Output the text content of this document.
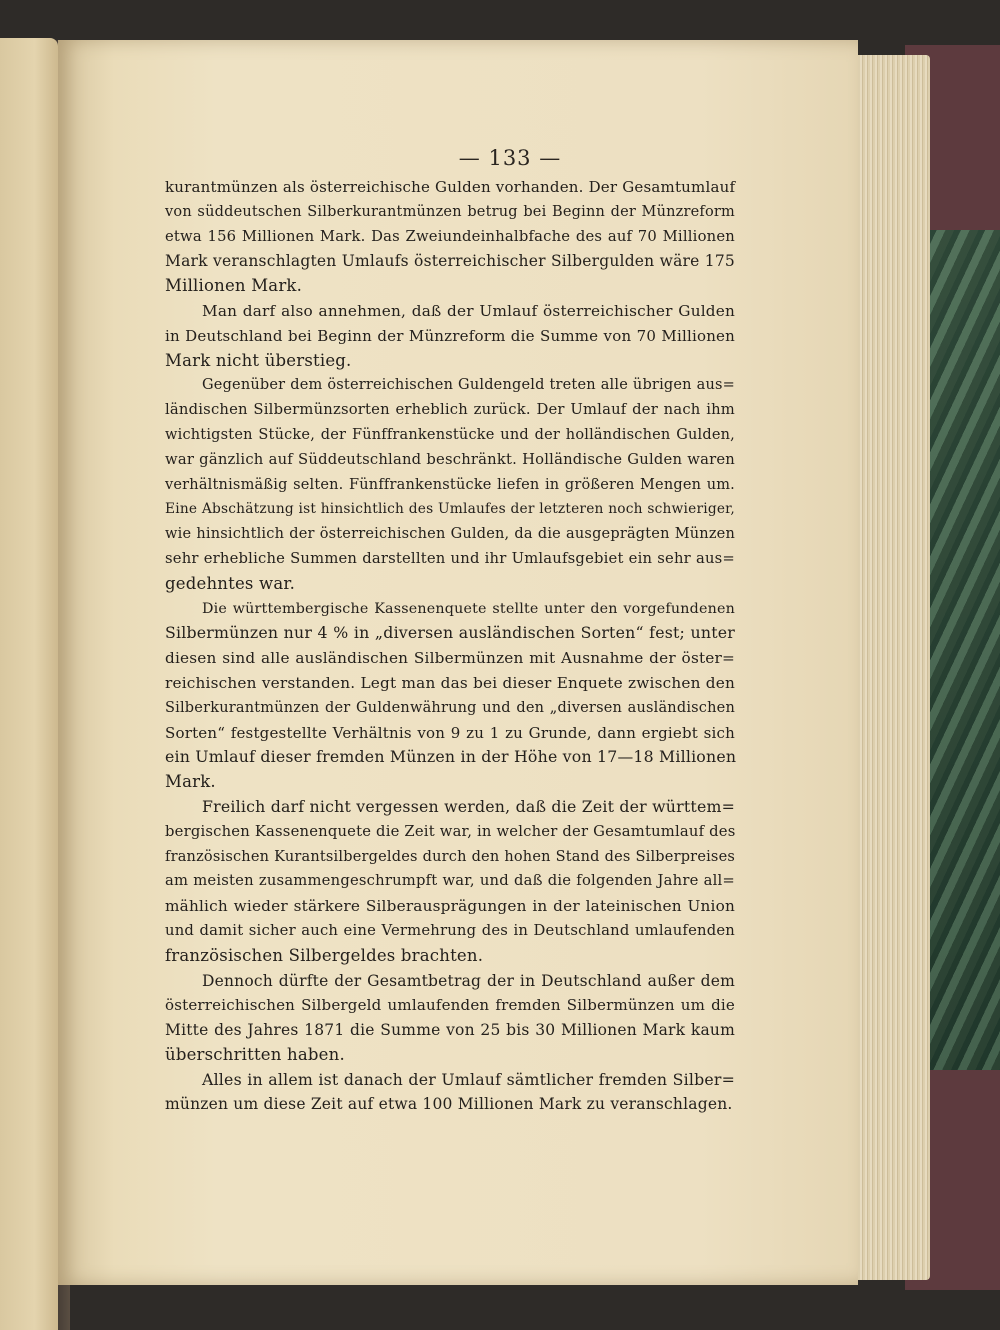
— 133 —

kurantmünzen als österreichische Gulden vorhanden. Der Gesamtumlauf
von süddeutschen Silberkurantmünzen betrug bei Beginn der Münzreform
etwa 156 Millionen Mark. Das Zweiundeinhalbfache des auf 70 Millionen
Mark veranschlagten Umlaufs österreichischer Silbergulden wäre 175
Millionen Mark.

Man darf also annehmen, daß der Umlauf österreichischer Gulden
in Deutschland bei Beginn der Münzreform die Summe von 70 Millionen
Mark nicht überstieg.

Gegenüber dem österreichischen Guldengeld treten alle übrigen aus=
ländischen Silbermünzsorten erheblich zurück. Der Umlauf der nach ihm
wichtigsten Stücke, der Fünffrankenstücke und der holländischen Gulden,
war gänzlich auf Süddeutschland beschränkt. Holländische Gulden waren
verhältnismäßig selten. Fünffrankenstücke liefen in größeren Mengen um.
Eine Abschätzung ist hinsichtlich des Umlaufes der letzteren noch schwieriger,
wie hinsichtlich der österreichischen Gulden, da die ausgeprägten Münzen
sehr erhebliche Summen darstellten und ihr Umlaufsgebiet ein sehr aus=
gedehntes war.

Die württembergische Kassenenquete stellte unter den vorgefundenen
Silbermünzen nur 4 % in „diversen ausländischen Sorten“ fest; unter
diesen sind alle ausländischen Silbermünzen mit Ausnahme der öster=
reichischen verstanden. Legt man das bei dieser Enquete zwischen den
Silberkurantmünzen der Guldenwährung und den „diversen ausländischen
Sorten“ festgestellte Verhältnis von 9 zu 1 zu Grunde, dann ergiebt sich
ein Umlauf dieser fremden Münzen in der Höhe von 17—18 Millionen
Mark.

Freilich darf nicht vergessen werden, daß die Zeit der württem=
bergischen Kassenenquete die Zeit war, in welcher der Gesamtumlauf des
französischen Kurantsilbergeldes durch den hohen Stand des Silberpreises
am meisten zusammengeschrumpft war, und daß die folgenden Jahre all=
mählich wieder stärkere Silberausprägungen in der lateinischen Union
und damit sicher auch eine Vermehrung des in Deutschland umlaufenden
französischen Silbergeldes brachten.

Dennoch dürfte der Gesamtbetrag der in Deutschland außer dem
österreichischen Silbergeld umlaufenden fremden Silbermünzen um die
Mitte des Jahres 1871 die Summe von 25 bis 30 Millionen Mark kaum
überschritten haben.

Alles in allem ist danach der Umlauf sämtlicher fremden Silber=
münzen um diese Zeit auf etwa 100 Millionen Mark zu veranschlagen.
